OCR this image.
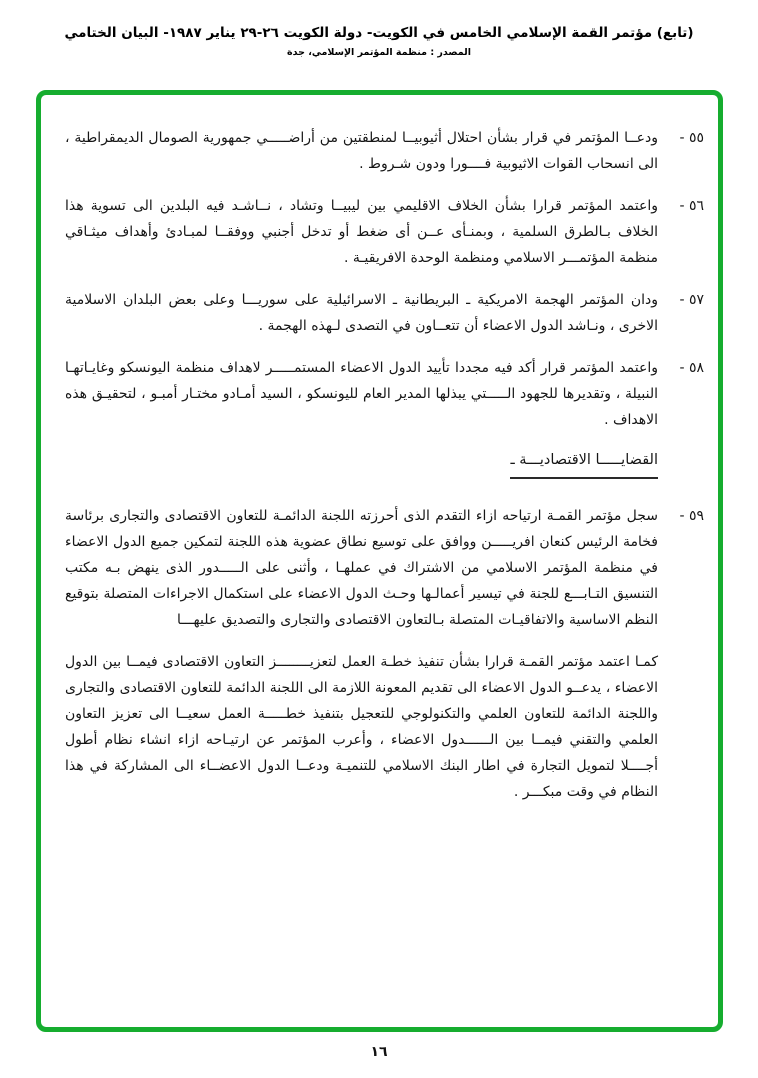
(تابع) مؤتمر القمة الإسلامي الخامس في الكويت- دولة الكويت ٢٦-٢٩ يناير ١٩٨٧- البيان الختامي
المصدر : منظمة المؤتمر الإسلامي، جدة
٥٥ -
ودعــا المؤتمر في قرار بشأن احتلال أثيوبيــا لمنطقتين من أراضـــــي جمهورية الصومال الديمقراطية ، الى انسحاب القوات الاثيوبية فــــورا ودون شـروط .
٥٦ -
واعتمد المؤتمر قرارا بشأن الخلاف الاقليمي بين ليبيــا وتشاد ، نــاشـد فيه البلدين الى تسوية هذا الخلاف بـالطرق السلمية ، وبمنـأى عــن أى ضغط أو تدخل أجنبي ووفقــا لمبـادئ وأهداف ميثـاقي منظمة المؤتمـــر الاسلامي ومنظمة الوحدة الافريقيـة .
٥٧ -
ودان المؤتمر الهجمة الامريكية ـ البريطانية ـ الاسرائيلية على سوريـــا وعلى بعض البلدان الاسلامية الاخرى ، ونـاشد الدول الاعضاء أن تتعــاون في التصدى لـهذه الهجمة .
٥٨ -
واعتمد المؤتمر قرار أكد فيه مجددا تأييد الدول الاعضاء المستمـــــر لاهداف منظمة اليونسكو وغايـاتهـا النبيلة ، وتقديرها للجهود الـــــتي يبذلها المدير العام لليونسكو ، السيد أمـادو مختـار أمبـو ، لتحقيـق هذه الاهداف .
القضايـــــا الاقتصاديـــة ـ
٥٩ -
سجل مؤتمر القمـة ارتياحه ازاء التقدم الذى أحرزته اللجنة الدائمـة للتعاون الاقتصادى والتجارى برئاسة فخامة الرئيس كنعان افريـــــن ووافق على توسيع نطاق عضوية هذه اللجنة لتمكين جميع الدول الاعضاء في منظمة المؤتمر الاسلامي من الاشتراك في عملهـا ، وأثنى على الـــــدور الذى ينهض بـه مكتب التنسيق التـابـــع للجنة في تيسير أعمالـها وحـث الدول الاعضاء على استكمال الاجراءات المتصلة بتوقيع النظم الاساسية والاتفاقيـات المتصلة بـالتعاون الاقتصادى والتجارى والتصديق عليهـــا
كمـا اعتمد مؤتمر القمـة قرارا بشأن تنفيذ خطـة العمل لتعزيــــــــز التعاون الاقتصادى فيمــا بين الدول الاعضاء ، يدعــو الدول الاعضاء الى تقديم المعونة اللازمة الى اللجنة الدائمة للتعاون الاقتصادى والتجارى واللجنة الدائمة للتعاون العلمي والتكنولوجي للتعجيل بتنفيذ خطـــــة العمل سعيــا الى تعزيز التعاون العلمي والتقني فيمــا بين الــــــدول الاعضاء ، وأعرب المؤتمر عن ارتيـاحه ازاء انشاء نظام أطول أجــــلا لتمويل التجارة في اطار البنك الاسلامي للتنميـة ودعــا الدول الاعضــاء الى المشاركة في هذا النظام في وقت مبكـــر .
١٦
